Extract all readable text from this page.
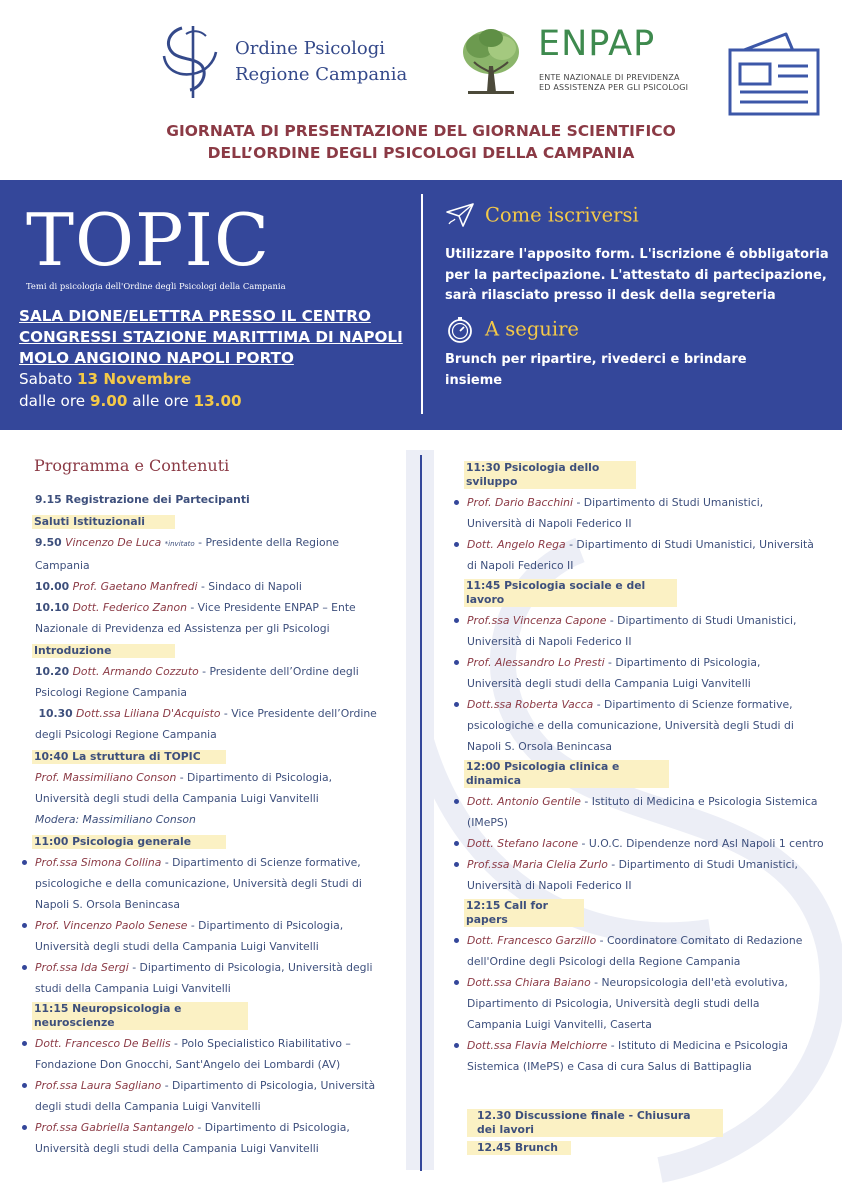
Ordine Psicologi
Regione Campania
ENPAP
ENTE NAZIONALE DI PREVIDENZA
ED ASSISTENZA PER GLI PSICOLOGI
GIORNATA DI PRESENTAZIONE DEL GIORNALE SCIENTIFICO
DELL’ORDINE DEGLI PSICOLOGI DELLA CAMPANIA
TOPIC
Temi di psicologia dell'Ordine degli Psicologi della Campania
SALA DIONE/ELETTRA PRESSO IL CENTRO
CONGRESSI STAZIONE MARITTIMA DI NAPOLI
MOLO ANGIOINO NAPOLI PORTO
Sabato 13 Novembre
dalle ore 9.00 alle ore 13.00
Come iscriversi
Utilizzare l'apposito form. L'iscrizione é obbligatoria
per la partecipazione. L'attestato di partecipazione,
sarà rilasciato presso il desk della segreteria
A seguire
Brunch per ripartire, rivederci e brindare
insieme
Programma e Contenuti
9.15 Registrazione dei Partecipanti
Saluti Istituzionali
9.50 Vincenzo De Luca *invitato - Presidente della Regione
Campania
10.00 Prof. Gaetano Manfredi - Sindaco di Napoli
10.10 Dott. Federico Zanon - Vice Presidente ENPAP – Ente
Nazionale di Previdenza ed Assistenza per gli Psicologi
Introduzione
10.20 Dott. Armando Cozzuto - Presidente dell’Ordine degli
Psicologi Regione Campania
10.30 Dott.ssa Liliana D'Acquisto - Vice Presidente dell’Ordine
degli Psicologi Regione Campania
10:40 La struttura di TOPIC
Prof. Massimiliano Conson - Dipartimento di Psicologia,
Università degli studi della Campania Luigi Vanvitelli
Modera: Massimiliano Conson
11:00 Psicologia generale
Prof.ssa Simona Collina - Dipartimento di Scienze formative,
psicologiche e della comunicazione, Università degli Studi di
Napoli S. Orsola Benincasa
Prof. Vincenzo Paolo Senese - Dipartimento di Psicologia,
Università degli studi della Campania Luigi Vanvitelli
Prof.ssa Ida Sergi - Dipartimento di Psicologia, Università degli
studi della Campania Luigi Vanvitelli
11:15 Neuropsicologia e neuroscienze
Dott. Francesco De Bellis - Polo Specialistico Riabilitativo –
Fondazione Don Gnocchi, Sant'Angelo dei Lombardi (AV)
Prof.ssa Laura Sagliano - Dipartimento di Psicologia, Università
degli studi della Campania Luigi Vanvitelli
Prof.ssa Gabriella Santangelo - Dipartimento di Psicologia,
Università degli studi della Campania Luigi Vanvitelli
11:30 Psicologia dello sviluppo
Prof. Dario Bacchini - Dipartimento di Studi Umanistici,
Università di Napoli Federico II
Dott. Angelo Rega - Dipartimento di Studi Umanistici, Università
di Napoli Federico II
11:45 Psicologia sociale e del lavoro
Prof.ssa Vincenza Capone - Dipartimento di Studi Umanistici,
Università di Napoli Federico II
Prof. Alessandro Lo Presti - Dipartimento di Psicologia,
Università degli studi della Campania Luigi Vanvitelli
Dott.ssa Roberta Vacca - Dipartimento di Scienze formative,
psicologiche e della comunicazione, Università degli Studi di
Napoli S. Orsola Benincasa
12:00 Psicologia clinica e dinamica
Dott. Antonio Gentile - Istituto di Medicina e Psicologia Sistemica
(IMePS)
Dott. Stefano Iacone - U.O.C. Dipendenze nord Asl Napoli 1 centro
Prof.ssa Maria Clelia Zurlo - Dipartimento di Studi Umanistici,
Università di Napoli Federico II
12:15 Call for papers
Dott. Francesco Garzillo - Coordinatore Comitato di Redazione
dell'Ordine degli Psicologi della Regione Campania
Dott.ssa Chiara Baiano - Neuropsicologia dell'età evolutiva,
Dipartimento di Psicologia, Università degli studi della
Campania Luigi Vanvitelli, Caserta
Dott.ssa Flavia Melchiorre - Istituto di Medicina e Psicologia
Sistemica (IMePS) e Casa di cura Salus di Battipaglia
12.30 Discussione finale - Chiusura dei lavori
12.45 Brunch
